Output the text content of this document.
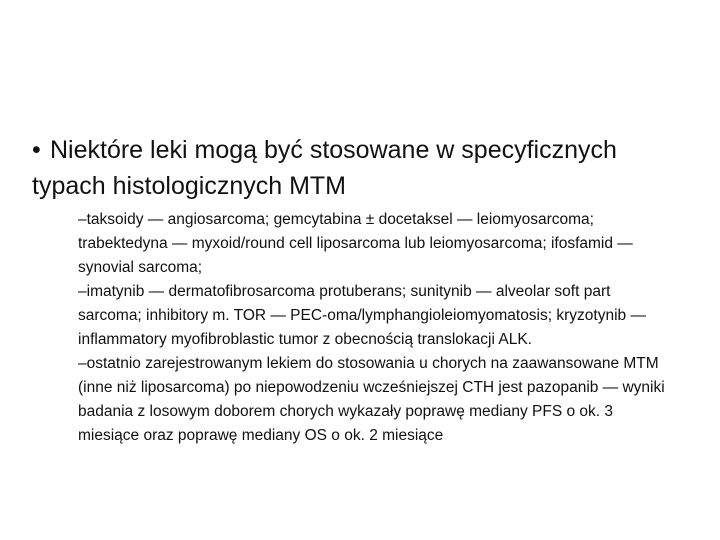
• Niektóre leki mogą być stosowane w specyficznych typach histologicznych MTM

–taksoidy — angiosarcoma; gemcytabina ± docetaksel — leiomyosarcoma; trabektedyna — myxoid/round cell liposarcoma lub leiomyosarcoma; ifosfamid — synovial sarcoma;
–imatynib — dermatofibrosarcoma protuberans; sunitynib — alveolar soft part sarcoma; inhibitory m. TOR — PEC-oma/lymphangioleiomyomatosis; kryzotynib — inflammatory myofibroblastic tumor z obecnością translokacji ALK.
–ostatnio zarejestrowanym lekiem do stosowania u chorych na zaawansowane MTM (inne niż liposarcoma) po niepowodzeniu wcześniejszej CTH jest pazopanib — wyniki badania z losowym doborem chorych wykazały poprawę mediany PFS o ok. 3 miesiące oraz poprawę mediany OS o ok. 2 miesiące
